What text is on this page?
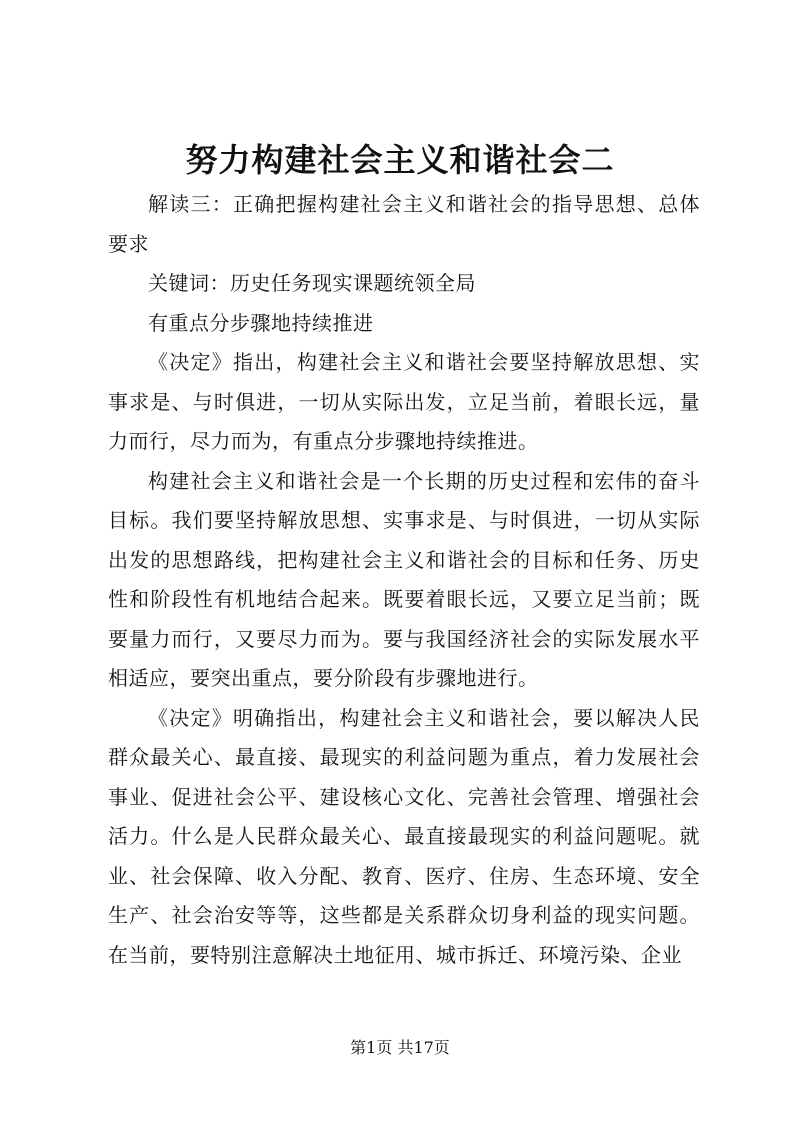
努力构建社会主义和谐社会二

解读三：正确把握构建社会主义和谐社会的指导思想、总体要求

关键词：历史任务现实课题统领全局

有重点分步骤地持续推进

《决定》指出，构建社会主义和谐社会要坚持解放思想、实事求是、与时俱进，一切从实际出发，立足当前，着眼长远，量力而行，尽力而为，有重点分步骤地持续推进。

构建社会主义和谐社会是一个长期的历史过程和宏伟的奋斗目标。我们要坚持解放思想、实事求是、与时俱进，一切从实际出发的思想路线，把构建社会主义和谐社会的目标和任务、历史性和阶段性有机地结合起来。既要着眼长远，又要立足当前；既要量力而行，又要尽力而为。要与我国经济社会的实际发展水平相适应，要突出重点，要分阶段有步骤地进行。

《决定》明确指出，构建社会主义和谐社会，要以解决人民群众最关心、最直接、最现实的利益问题为重点，着力发展社会事业、促进社会公平、建设核心文化、完善社会管理、增强社会活力。什么是人民群众最关心、最直接最现实的利益问题呢。就业、社会保障、收入分配、教育、医疗、住房、生态环境、安全生产、社会治安等等，这些都是关系群众切身利益的现实问题。在当前，要特别注意解决土地征用、城市拆迁、环境污染、企业

第1页 共17页
